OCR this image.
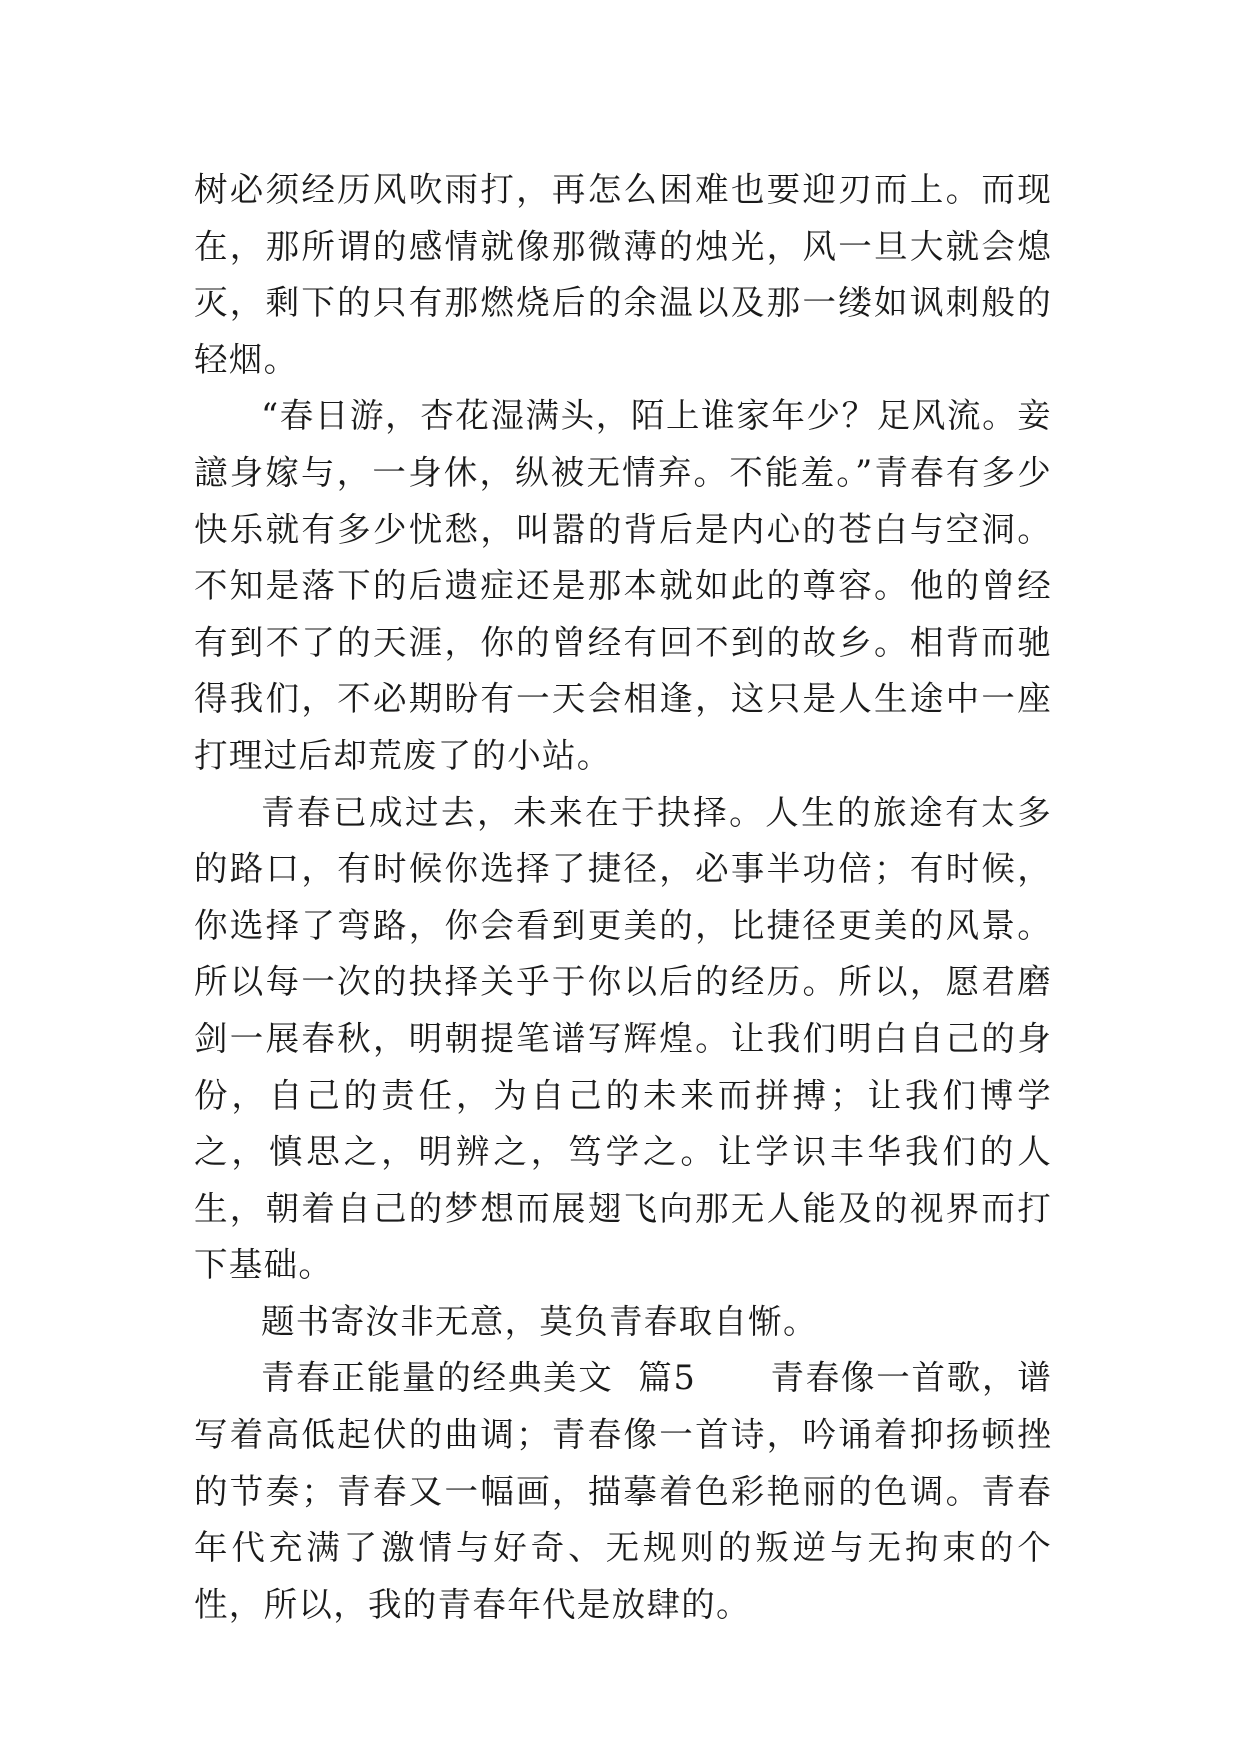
树必须经历风吹雨打，再怎么困难也要迎刃而上。而现在，那所谓的感情就像那微薄的烛光，风一旦大就会熄灭，剩下的只有那燃烧后的余温以及那一缕如讽刺般的轻烟。

“春日游，杏花湿满头，陌上谁家年少？足风流。妾譩身嫁与，一身休，纵被无情弃。不能羞。”青春有多少快乐就有多少忧愁，叫嚣的背后是内心的苍白与空洞。不知是落下的后遗症还是那本就如此的尊容。他的曾经有到不了的天涯，你的曾经有回不到的故乡。相背而驰得我们，不必期盼有一天会相逢，这只是人生途中一座打理过后却荒废了的小站。

青春已成过去，未来在于抉择。人生的旅途有太多的路口，有时候你选择了捷径，必事半功倍；有时候，你选择了弯路，你会看到更美的，比捷径更美的风景。所以每一次的抉择关乎于你以后的经历。所以，愿君磨剑一展春秋，明朝提笔谱写辉煌。让我们明白自己的身份，自己的责任，为自己的未来而拼搏；让我们博学之，慎思之，明辨之，笃学之。让学识丰华我们的人生，朝着自己的梦想而展翅飞向那无人能及的视界而打下基础。

题书寄汝非无意，莫负青春取自惭。

青春正能量的经典美文  篇5      青春像一首歌，谱写着高低起伏的曲调；青春像一首诗，吟诵着抑扬顿挫的节奏；青春又一幅画，描摹着色彩艳丽的色调。青春年代充满了激情与好奇、无规则的叛逆与无拘束的个性，所以，我的青春年代是放肆的。
